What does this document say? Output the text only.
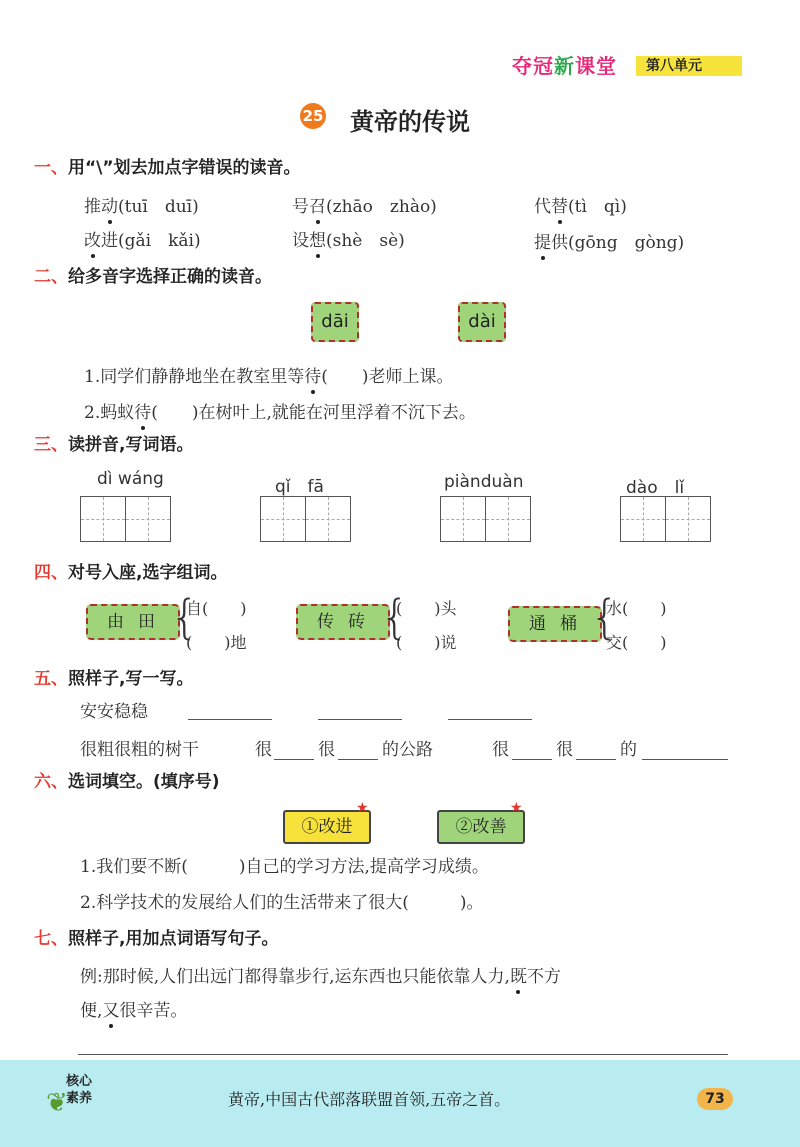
夺冠新课堂	第八单元
25 黄帝的传说
一、用“\”划去加点字错误的读音。
推动(tuī　duī)	号召(zhāo　zhào)	代替(tì　qì)
改进(gǎi　kǎi)	设想(shè　sè)	提供(gōng　gòng)
二、给多音字选择正确的读音。
dāi	dài
1.同学们静静地坐在教室里等待(　　)老师上课。
2.蚂蚁待(　　)在树叶上,就能在河里浮着不沉下去。
三、读拼音,写词语。
dì wáng	qǐ　fā	piànduàn	dào　lǐ
四、对号入座,选字组词。
由田 {
自(　　)
(　　)地
传砖 {
(　　)头
(　　)说
通桶 {
水(　　)
交(　　)
五、照样子,写一写。
安安稳稳
很粗很粗的树干	很	很	的公路	很	很	的
六、选词填空。(填序号)
①改进
★
②改善
★
1.我们要不断(　　　)自己的学习方法,提高学习成绩。
2.科学技术的发展给人们的生活带来了很大(　　　)。
七、照样子,用加点词语写句子。
例:那时候,人们出远门都得靠步行,运东西也只能依靠人力,既不方
便,又很辛苦。
❦
核心
素养	黄帝,中国古代部落联盟首领,五帝之首。	73
